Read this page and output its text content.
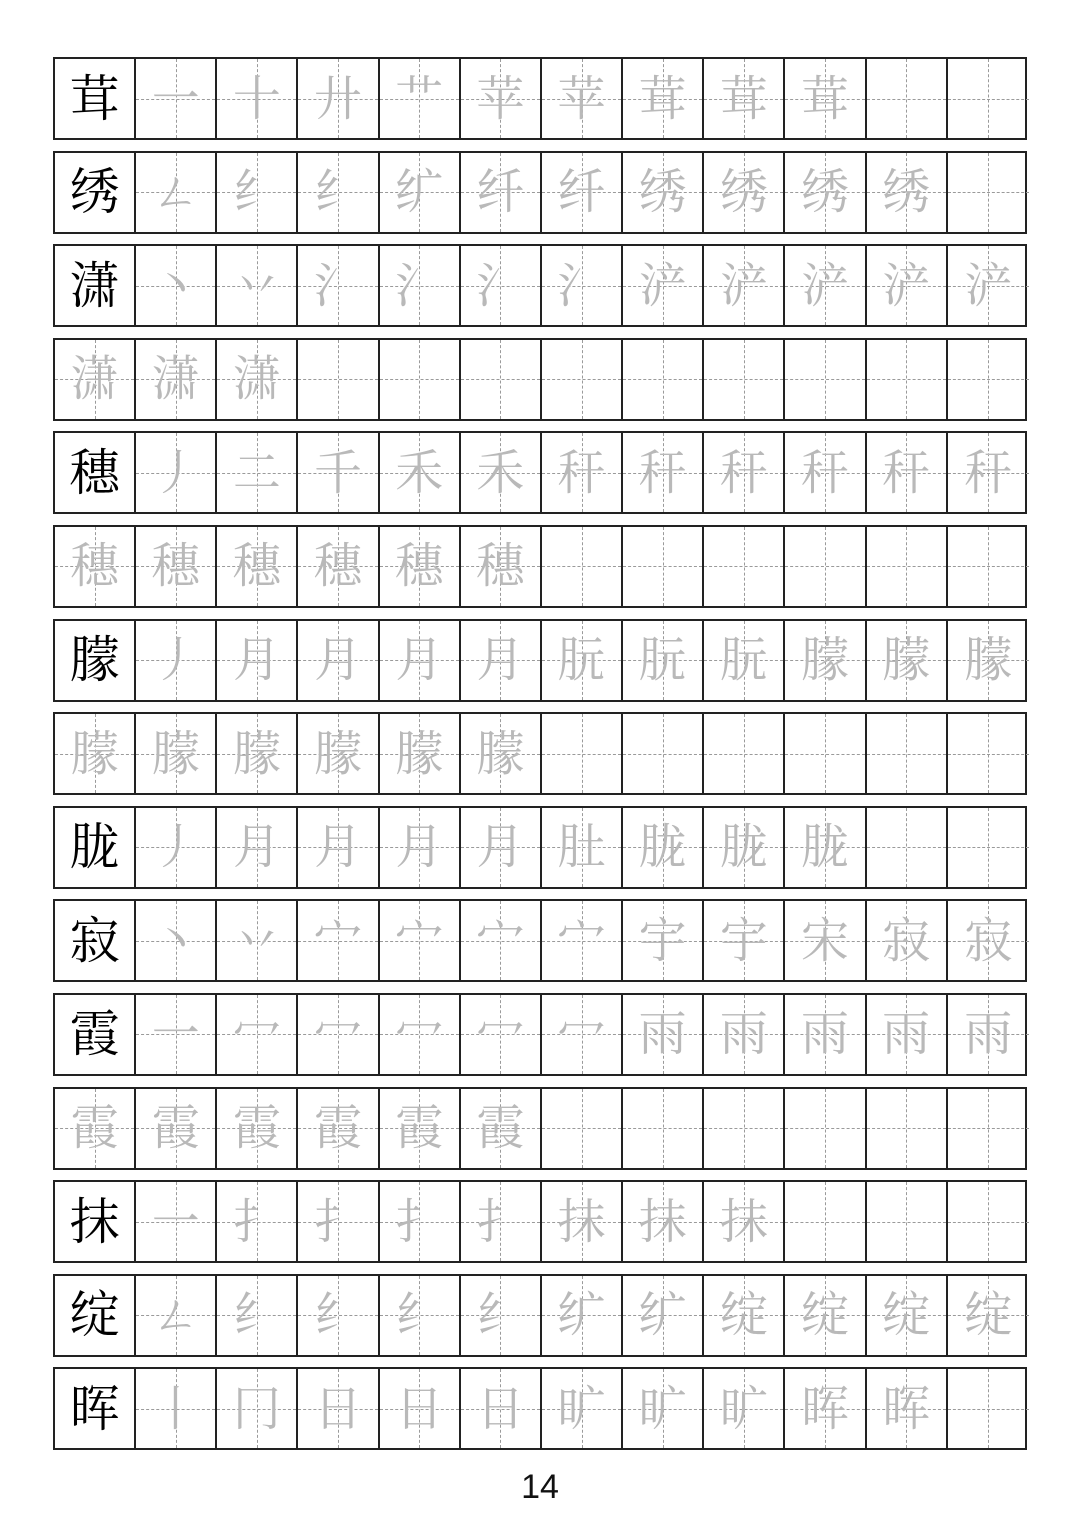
茸 一 十 廾 艹 苹 苹 茸 茸 茸
绣 ㄥ 纟 纟 纩 纤 纤 绣 绣 绣 绣
潇 丶 丷 氵 氵 氵 氵 浐 浐 浐 浐 浐
潇 潇 潇
穗 丿 二 千 禾 禾 秆 秆 秆 秆 秆 秆
穗 穗 穗 穗 穗 穗
朦 丿 月 月 月 月 朊 朊 朊 朦 朦 朦
朦 朦 朦 朦 朦 朦
胧 丿 月 月 月 月 肚 胧 胧 胧
寂 丶 丷 宀 宀 宀 宀 宇 宇 宋 寂 寂
霞 一 冖 冖 冖 冖 冖 雨 雨 雨 雨 雨
霞 霞 霞 霞 霞 霞
抹 一 扌 扌 扌 扌 抹 抹 抹
绽 ㄥ 纟 纟 纟 纟 纩 纩 绽 绽 绽 绽
晖 丨 冂 日 日 日 旷 旷 旷 晖 晖
14
